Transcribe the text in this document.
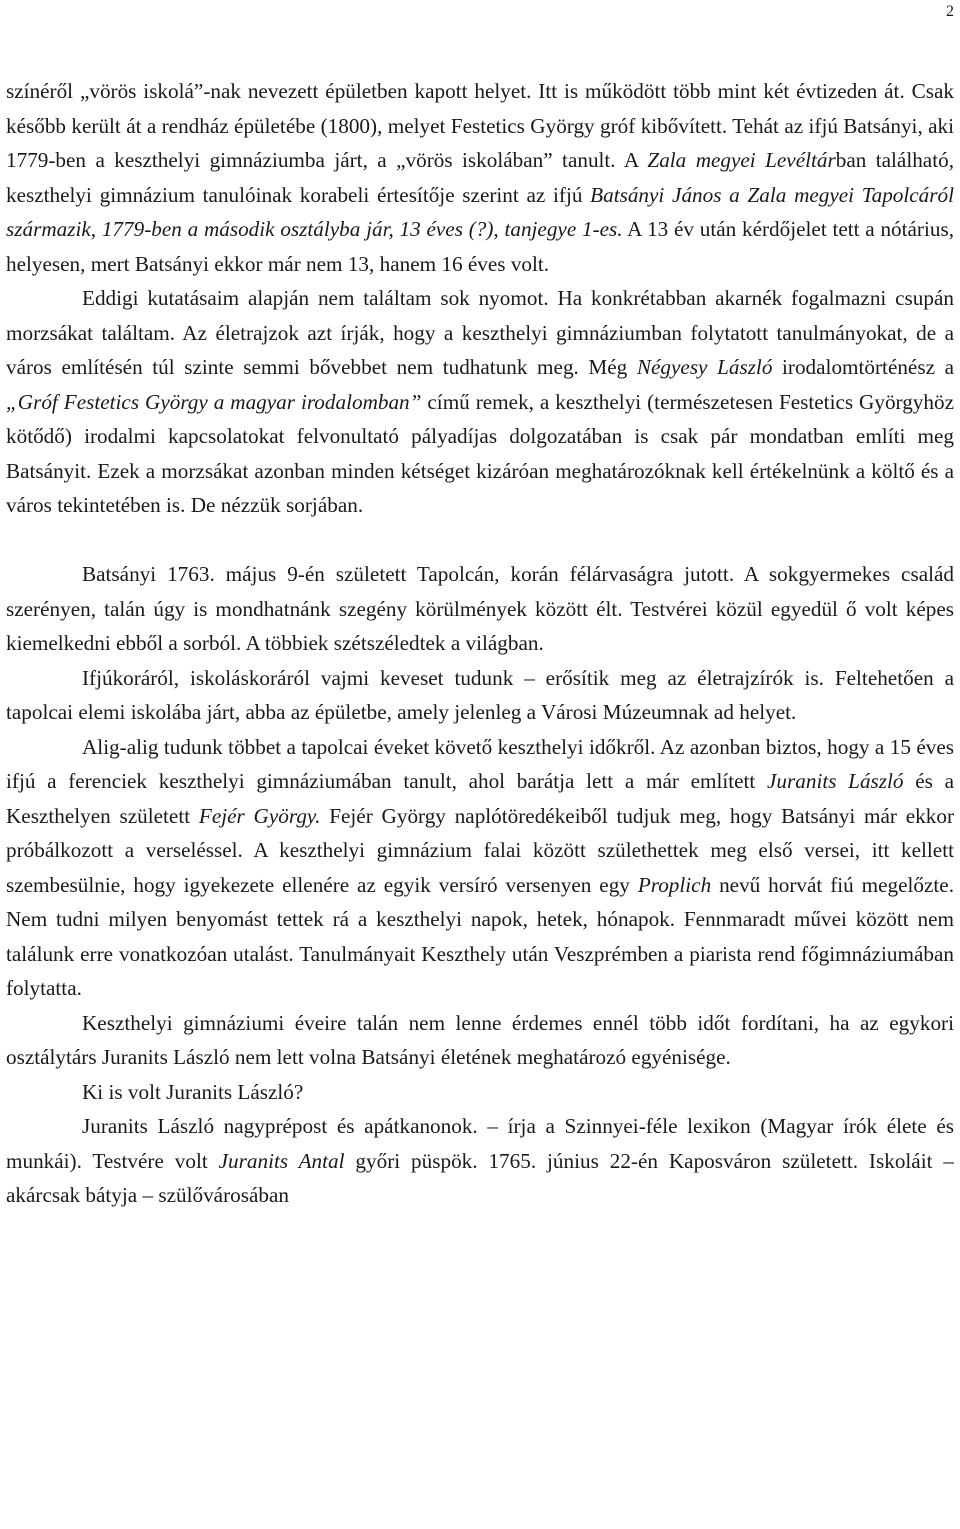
2

színéről „vörös iskolá”-nak nevezett épületben kapott helyet. Itt is működött több mint két évtizeden át. Csak később került át a rendház épületébe (1800), melyet Festetics György gróf kibővített. Tehát az ifjú Batsányi, aki 1779-ben a keszthelyi gimnáziumba járt, a „vörös iskolában” tanult. A Zala megyei Levéltárban található, keszthelyi gimnázium tanulóinak korabeli értesítője szerint az ifjú Batsányi János a Zala megyei Tapolcáról származik, 1779-ben a második osztályba jár, 13 éves (?), tanjegye 1-es. A 13 év után kérdőjelet tett a nótárius, helyesen, mert Batsányi ekkor már nem 13, hanem 16 éves volt.

Eddigi kutatásaim alapján nem találtam sok nyomot. Ha konkrétabban akarnék fogalmazni csupán morzsákat találtam. Az életrajzok azt írják, hogy a keszthelyi gimnáziumban folytatott tanulmányokat, de a város említésén túl szinte semmi bővebbet nem tudhatunk meg. Még Négyesy László irodalomtörténész a „Gróf Festetics György a magyar irodalomban” című remek, a keszthelyi (természetesen Festetics Györgyhöz kötődő) irodalmi kapcsolatokat felvonultató pályadíjas dolgozatában is csak pár mondatban említi meg Batsányit. Ezek a morzsákat azonban minden kétséget kizáróan meghatározóknak kell értékelnünk a költő és a város tekintetében is. De nézzük sorjában.

Batsányi 1763. május 9-én született Tapolcán, korán félárvaságra jutott. A sokgyermekes család szerényen, talán úgy is mondhatnánk szegény körülmények között élt. Testvérei közül egyedül ő volt képes kiemelkedni ebből a sorból. A többiek szétszéledtek a világban.

Ifjúkoráról, iskoláskoráról vajmi keveset tudunk – erősítik meg az életrajzírók is. Feltehetően a tapolcai elemi iskolába járt, abba az épületbe, amely jelenleg a Városi Múzeumnak ad helyet.

Alig-alig tudunk többet a tapolcai éveket követő keszthelyi időkről. Az azonban biztos, hogy a 15 éves ifjú a ferenciek keszthelyi gimnáziumában tanult, ahol barátja lett a már említett Juranits László és a Keszthelyen született Fejér György. Fejér György naplótöredékeiből tudjuk meg, hogy Batsányi már ekkor próbálkozott a verseléssel. A keszthelyi gimnázium falai között születhettek meg első versei, itt kellett szembesülnie, hogy igyekezete ellenére az egyik versíró versenyen egy Proplich nevű horvát fiú megelőzte. Nem tudni milyen benyomást tettek rá a keszthelyi napok, hetek, hónapok. Fennmaradt művei között nem találunk erre vonatkozóan utalást. Tanulmányait Keszthely után Veszprémben a piarista rend főgimnáziumában folytatta.

Keszthelyi gimnáziumi éveire talán nem lenne érdemes ennél több időt fordítani, ha az egykori osztálytárs Juranits László nem lett volna Batsányi életének meghatározó egyénisége.

Ki is volt Juranits László?

Juranits László nagyprépost és apátkanonok. – írja a Szinnyei-féle lexikon (Magyar írók élete és munkái). Testvére volt Juranits Antal győri püspök. 1765. június 22-én Kaposváron született. Iskoláit – akárcsak bátyja – szülővárosában
